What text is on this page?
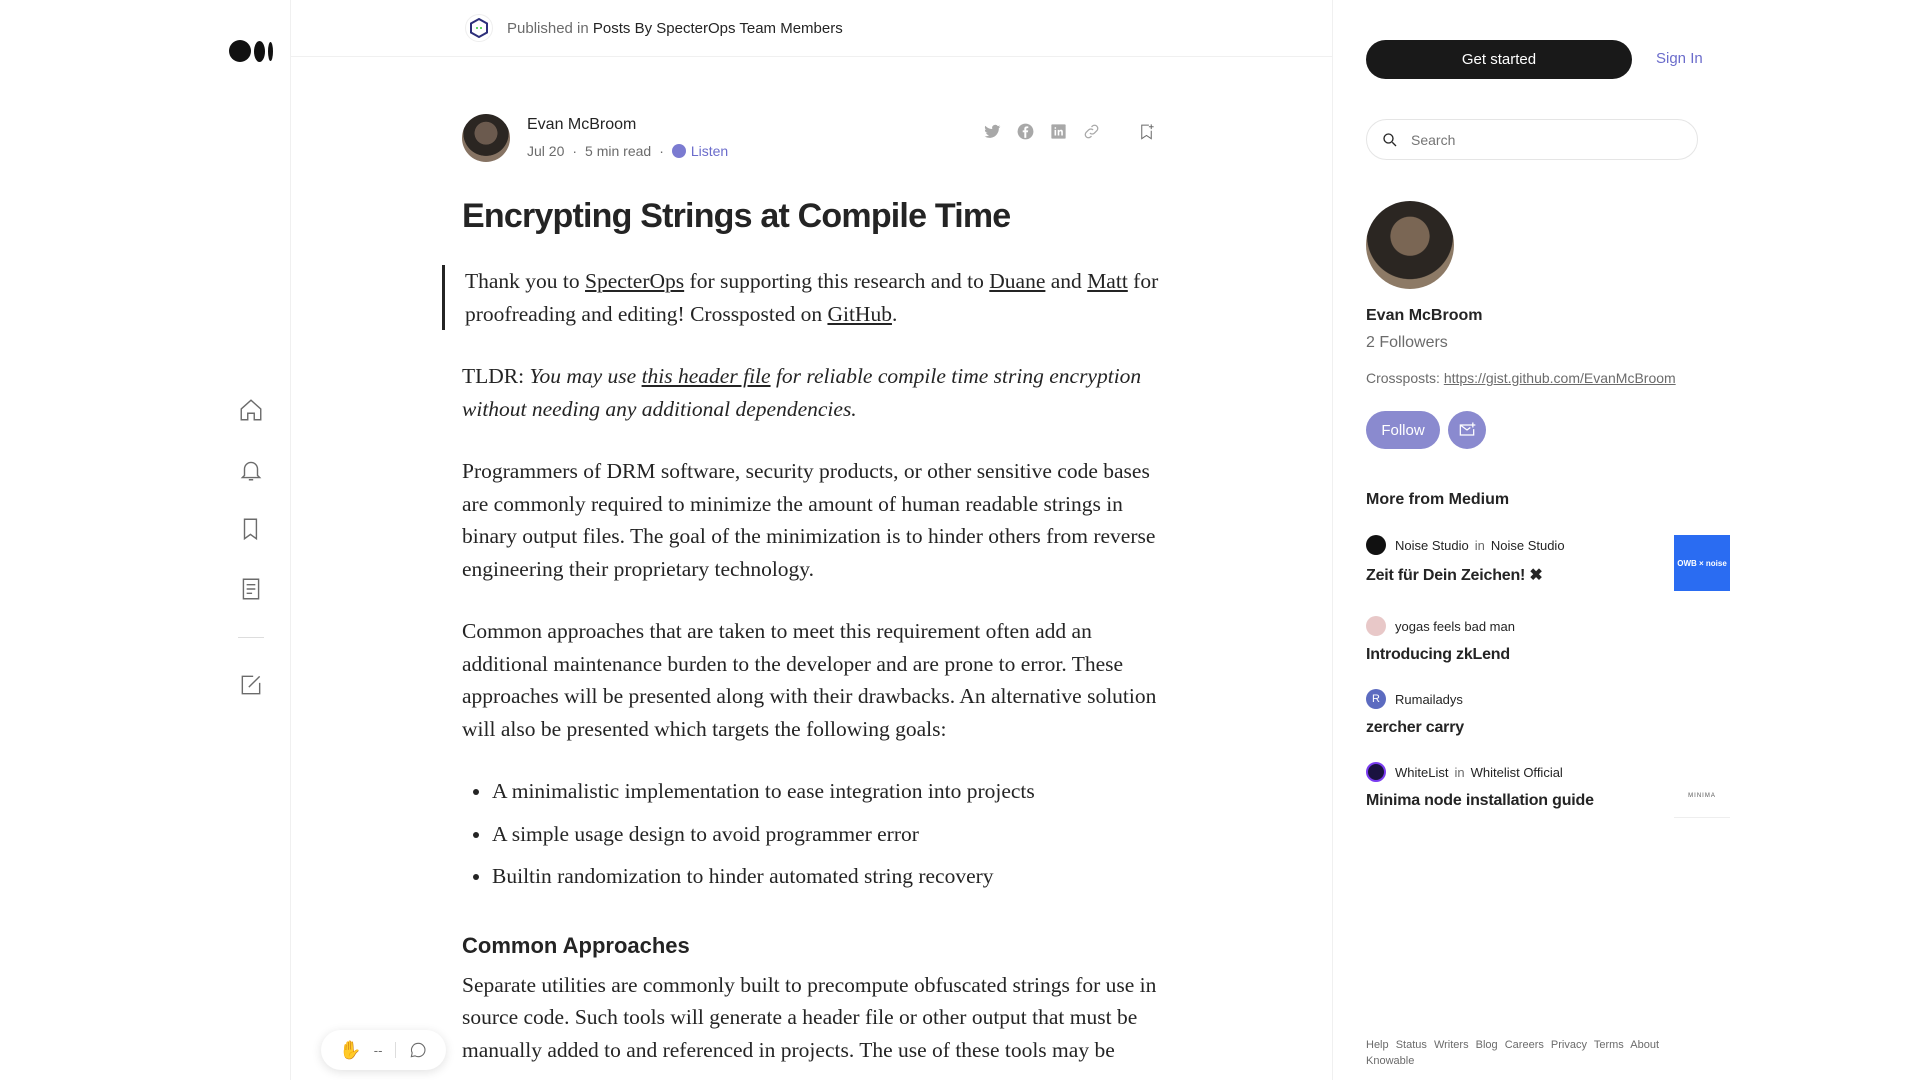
Published in Posts By SpecterOps Team Members
Evan McBroom
Jul 20 · 5 min read · Listen
Encrypting Strings at Compile Time
Thank you to SpecterOps for supporting this research and to Duane and Matt for proofreading and editing! Crossposted on GitHub.
TLDR: You may use this header file for reliable compile time string encryption without needing any additional dependencies.
Programmers of DRM software, security products, or other sensitive code bases are commonly required to minimize the amount of human readable strings in binary output files. The goal of the minimization is to hinder others from reverse engineering their proprietary technology.
Common approaches that are taken to meet this requirement often add an additional maintenance burden to the developer and are prone to error. These approaches will be presented along with their drawbacks. An alternative solution will also be presented which targets the following goals:
• A minimalistic implementation to ease integration into projects
• A simple usage design to avoid programmer error
• Builtin randomization to hinder automated string recovery
Common Approaches
Separate utilities are commonly built to precompute obfuscated strings for use in source code. Such tools will generate a header file or other output that must be manually added to and referenced in projects. The use of these tools may be
✋ --
Get started	Sign In
Search
Evan McBroom
2 Followers
Crossposts: https://gist.github.com/EvanMcBroom
Follow
More from Medium
Noise Studio in Noise Studio
Zeit für Dein Zeichen! ✖
OWB × noise
yogas feels bad man
Introducing zkLend
R	Rumailadys
zercher carry
WhiteList in Whitelist Official
Minima node installation guide	MINIMA
Help Status Writers Blog Careers Privacy Terms About
Knowable
